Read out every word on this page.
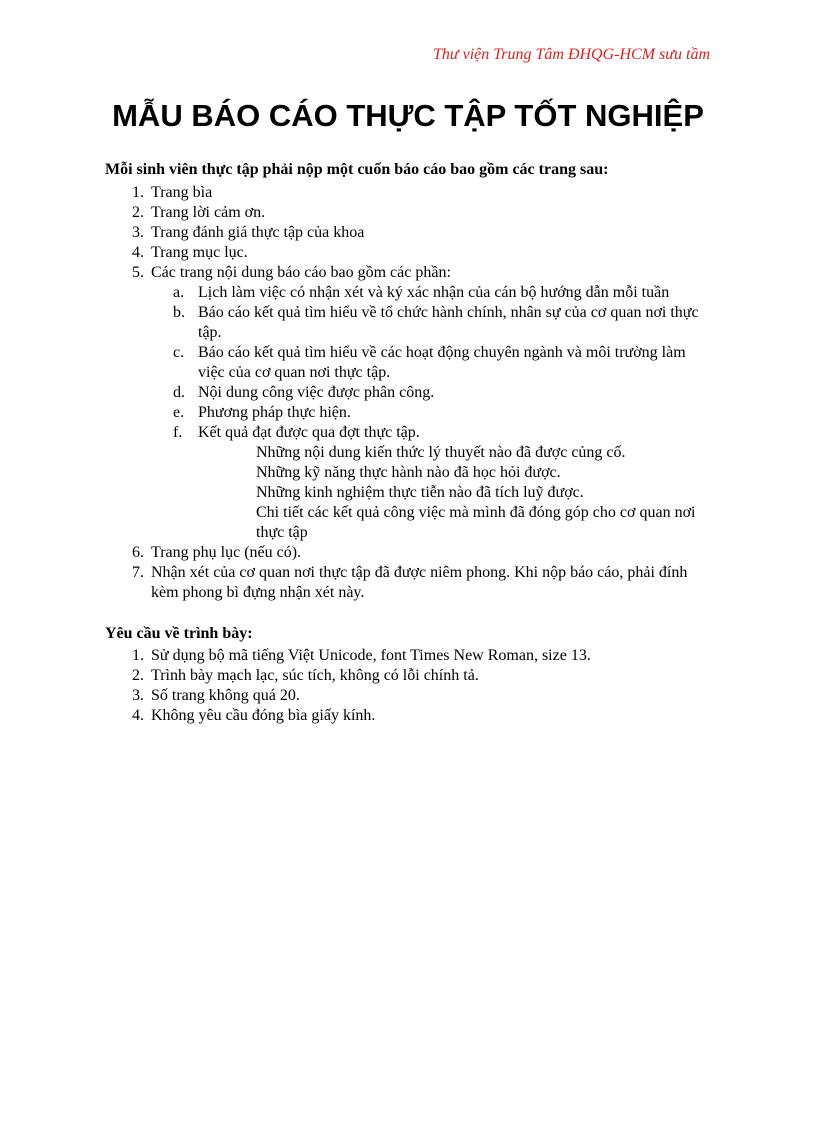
Thư viện Trung Tâm ĐHQG-HCM sưu tầm
MẪU BÁO CÁO THỰC TẬP TỐT NGHIỆP

Mỗi sinh viên thực tập phải nộp một cuốn báo cáo bao gồm các trang sau:

1. Trang bìa
2. Trang lời cảm ơn.
3. Trang đánh giá thực tập của khoa
4. Trang mục lục.
5. Các trang nội dung báo cáo bao gồm các phần:
a. Lịch làm việc có nhận xét và ký xác nhận của cán bộ hướng dẫn mỗi tuần
b. Báo cáo kết quả tìm hiểu về tổ chức hành chính, nhân sự của cơ quan nơi thực tập.
c. Báo cáo kết quả tìm hiểu về các hoạt động chuyên ngành và môi trường làm việc của cơ quan nơi thực tập.
d. Nội dung công việc được phân công.
e. Phương pháp thực hiện.
f. Kết quả đạt được qua đợt thực tập.
Những nội dung kiến thức lý thuyết nào đã được củng cố.
Những kỹ năng thực hành nào đã học hỏi được.
Những kinh nghiệm thực tiễn nào đã tích luỹ được.
Chi tiết các kết quả công việc mà mình đã đóng góp cho cơ quan nơi thực tập
6. Trang phụ lục (nếu có).
7. Nhận xét của cơ quan nơi thực tập đã được niêm phong. Khi nộp báo cáo, phải đính kèm phong bì đựng nhận xét này.

Yêu cầu về trình bày:

1. Sử dụng bộ mã tiếng Việt Unicode, font Times New Roman, size 13.
2. Trình bày mạch lạc, súc tích, không có lỗi chính tả.
3. Số trang không quá 20.
4. Không yêu cầu đóng bìa giấy kính.
